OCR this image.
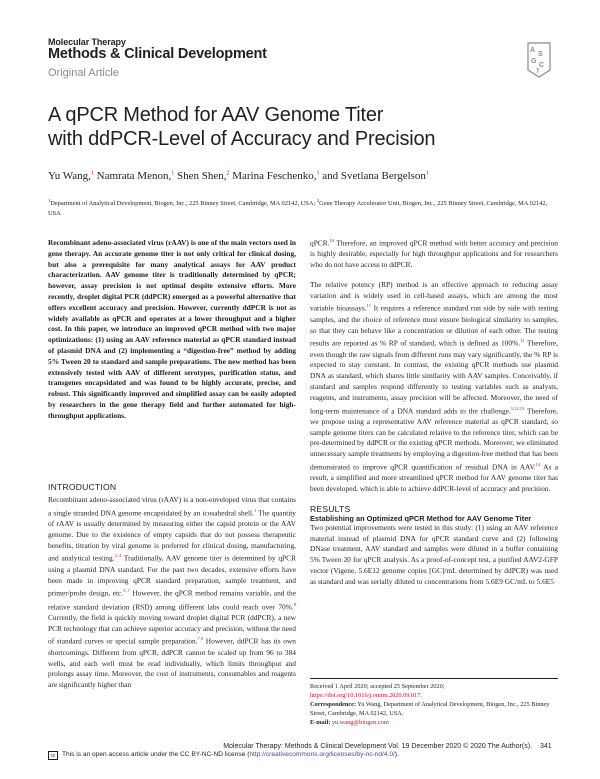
Molecular Therapy
Methods & Clinical Development
Original Article
A
S
G
C
T
A qPCR Method for AAV Genome Titer
with ddPCR-Level of Accuracy and Precision
Yu Wang,$^1$ Namrata Menon,$^1$ Shen Shen,$^2$ Marina Feschenko,$^1$ and Svetlana Bergelson$^1$
$^1$Department of Analytical Development, Biogen, Inc., 225 Binney Street, Cambridge, MA 02142, USA; $^2$Gene Therapy Accelerator Unit, Biogen, Inc., 225 Binney Street, Cambridge, MA 02142, USA
Recombinant adeno-associated virus (rAAV) is one of the main vectors used in gene therapy. An accurate genome titer is not only critical for clinical dosing, but also a prerequisite for many analytical assays for AAV product characterization. AAV genome titer is traditionally determined by qPCR; however, assay precision is not optimal despite extensive efforts. More recently, droplet digital PCR (ddPCR) emerged as a powerful alternative that offers excellent accuracy and precision. However, currently ddPCR is not as widely available as qPCR and operates at a lower throughput and a higher cost. In this paper, we introduce an improved qPCR method with two major optimizations: (1) using an AAV reference material as qPCR standard instead of plasmid DNA and (2) implementing a “digestion-free” method by adding 5% Tween 20 to standard and sample preparations. The new method has been extensively tested with AAV of different serotypes, purification status, and transgenes encapsidated and was found to be highly accurate, precise, and robust. This significantly improved and simplified assay can be easily adopted by researchers in the gene therapy field and further automated for high-throughput applications.
INTRODUCTION
Recombinant adeno-associated virus (rAAV) is a non-enveloped virus that contains a single stranded DNA genome encapsidated by an icosahedral shell.$^1$ The quantity of rAAV is usually determined by measuring either the capsid protein or the AAV genome. Due to the existence of empty capsids that do not possess therapeutic benefits, titration by viral genome is preferred for clinical dosing, manufacturing, and analytical testing.$^{2-4}$ Traditionally, AAV genome titer is determined by qPCR using a plasmid DNA standard. For the past two decades, extensive efforts have been made in improving qPCR standard preparation, sample treatment, and primer/probe design, etc.$^{5-7}$ However, the qPCR method remains variable, and the relative standard deviation (RSD) among different labs could reach over 70%.$^8$ Currently, the field is quickly moving toward droplet digital PCR (ddPCR), a new PCR technology that can achieve superior accuracy and precision, without the need of standard curves or special sample preparation.$^{7,9}$ However, ddPCR has its own shortcomings. Different from qPCR, ddPCR cannot be scaled up from 96 to 384 wells, and each well must be read individually, which limits throughput and prolongs assay time. Moreover, the cost of instruments, consumables and reagents are significantly higher than
qPCR.$^{10}$ Therefore, an improved qPCR method with better accuracy and precision is highly desirable, especially for high throughput applications and for researchers who do not have access to ddPCR.
The relative potency (RP) method is an effective approach to reducing assay variation and is widely used in cell-based assays, which are among the most variable bioassays.$^{11}$ It requires a reference standard run side by side with testing samples, and the choice of reference must ensure biological similarity to samples, so that they can behave like a concentration or dilution of each other. The testing results are reported as % RP of standard, which is defined as 100%.$^{11}$ Therefore, even though the raw signals from different runs may vary significantly, the % RP is expected to stay constant. In contrast, the existing qPCR methods use plasmid DNA as standard, which shares little similarity with AAV samples. Conceivably, if standard and samples respond differently to testing variables such as analysts, reagents, and instruments, assay precision will be affected. Moreover, the need of long-term maintenance of a DNA standard adds to the challenge.$^{5,12,13}$ Therefore, we propose using a representative AAV reference material as qPCR standard, so sample genome titers can be calculated relative to the reference titer, which can be pre-determined by ddPCR or the existing qPCR methods. Moreover, we eliminated unnecessary sample treatments by employing a digestion-free method that has been demonstrated to improve qPCR quantification of residual DNA in AAV.$^{14}$ As a result, a simplified and more streamlined qPCR method for AAV genome titer has been developed, which is able to achieve ddPCR-level of accuracy and precision.
RESULTS
Establishing an Optimized qPCR Method for AAV Genome Titer
Two potential improvements were tested in this study: (1) using an AAV reference material instead of plasmid DNA for qPCR standard curve and (2) following DNase treatment, AAV standard and samples were diluted in a buffer containing 5% Tween 20 for qPCR analysis. As a proof-of-concept test, a purified AAV2-GFP vector (Vigene, 5.6E12 genome copies [GC]/mL determined by ddPCR) was used as standard and was serially diluted to concentrations from 5.6E9 GC/mL to 5.6E5
Received 1 April 2020; accepted 25 September 2020;
https://doi.org/10.1016/j.omtm.2020.09.017.
Correspondence: Yu Wang, Department of Analytical Development, Biogen, Inc., 225 Binney Street, Cambridge, MA 02142, USA.
E-mail: yu.wang@biogen.com
Molecular Therapy: Methods & Clinical Development Vol. 19 December 2020 © 2020 The Author(s).	341
cc This is an open access article under the CC BY-NC-ND license (http://creativecommons.org/licenses/by-nc-nd/4.0/).
